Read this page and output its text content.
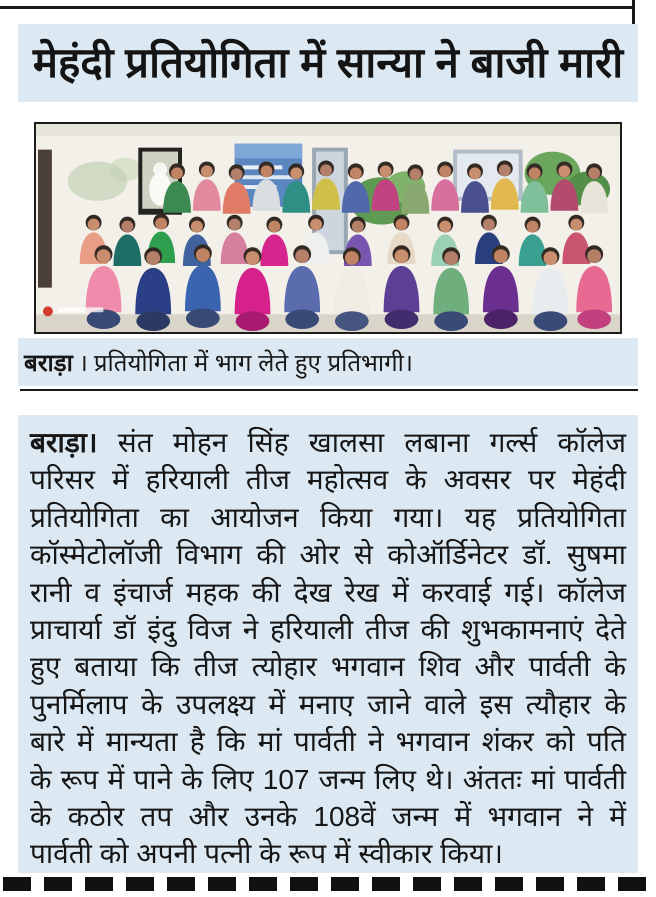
मेहंदी प्रतियोगिता में सान्या ने बाजी मारी
बराड़ा । प्रतियोगिता में भाग लेते हुए प्रतिभागी।
बराड़ा। संत मोहन सिंह खालसा लबाना गर्ल्स कॉलेज
परिसर में हरियाली तीज महोत्सव के अवसर पर मेहंदी
प्रतियोगिता का आयोजन किया गया। यह प्रतियोगिता
कॉस्मेटोलॉजी विभाग की ओर से कोऑर्डिनेटर डॉ. सुषमा
रानी व इंचार्ज महक की देख रेख में करवाई गई। कॉलेज
प्राचार्या डॉ इंदु विज ने हरियाली तीज की शुभकामनाएं देते
हुए बताया कि तीज त्योहार भगवान शिव और पार्वती के
पुनर्मिलाप के उपलक्ष्य में मनाए जाने वाले इस त्यौहार के
बारे में मान्यता है कि मां पार्वती ने भगवान शंकर को पति
के रूप में पाने के लिए 107 जन्म लिए थे। अंततः मां पार्वती
के कठोर तप और उनके 108वें जन्म में भगवान ने में
पार्वती को अपनी पत्नी के रूप में स्वीकार किया।
